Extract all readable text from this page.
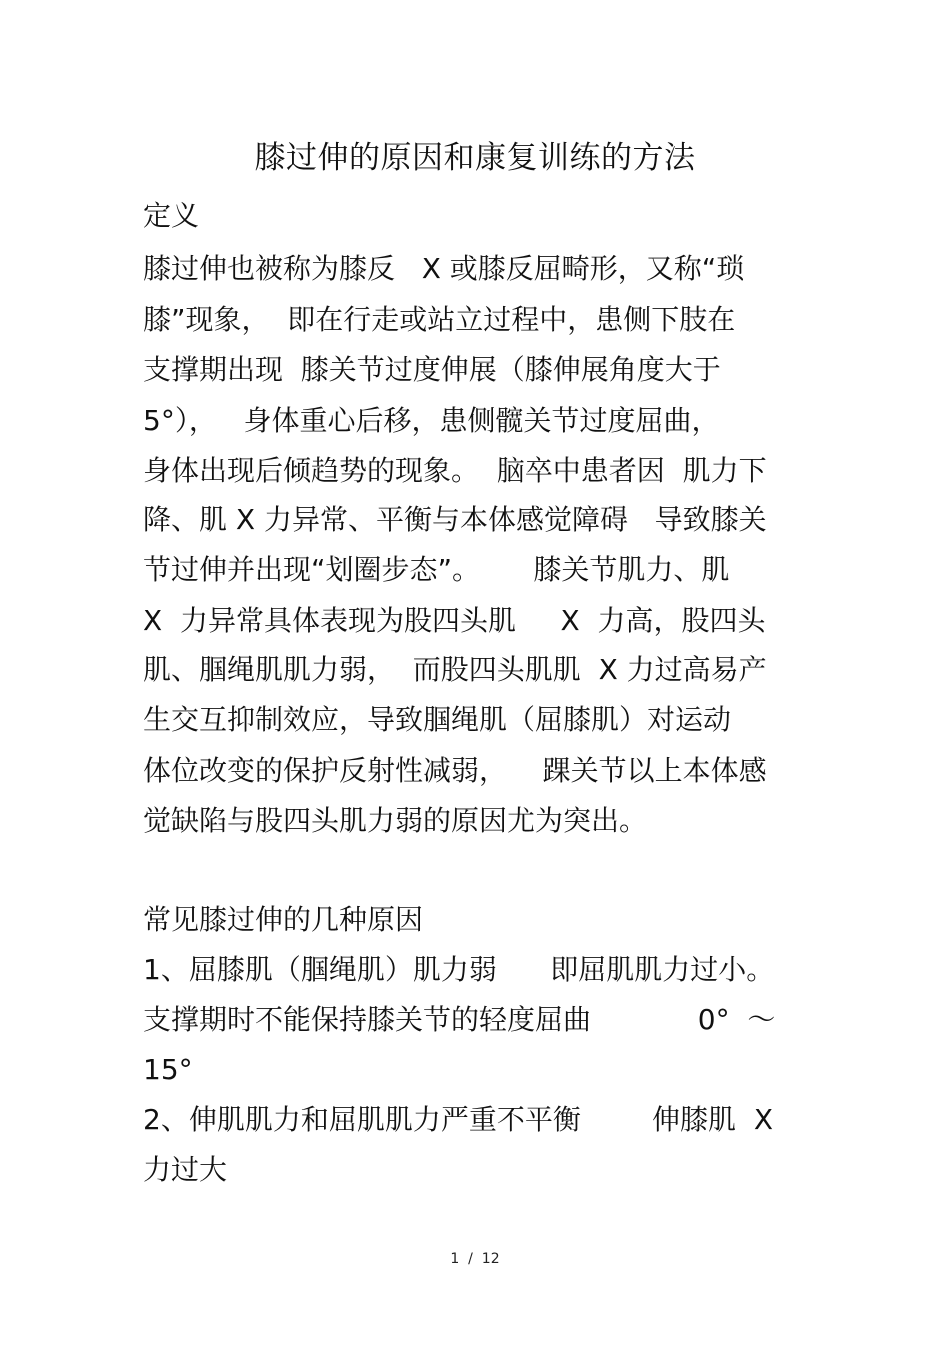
膝过伸的原因和康复训练的方法
定义
膝过伸也被称为膝反   X 或膝反屈畸形，又称“琐
膝”现象，  即在行走或站立过程中，患侧下肢在
支撑期出现  膝关节过度伸展（膝伸展角度大于
5°），   身体重心后移，患侧髋关节过度屈曲，
身体出现后倾趋势的现象。  脑卒中患者因  肌力下
降、肌 X 力异常、平衡与本体感觉障碍   导致膝关
节过伸并出现“划圈步态”。      膝关节肌力、肌
X  力异常具体表现为股四头肌     X  力高，股四头
肌、腘绳肌肌力弱，  而股四头肌肌  X 力过高易产
生交互抑制效应，导致腘绳肌（屈膝肌）对运动
体位改变的保护反射性减弱，    踝关节以上本体感
觉缺陷与股四头肌力弱的原因尤为突出。
常见膝过伸的几种原因
1、屈膝肌（腘绳肌）肌力弱      即屈肌肌力过小。
支撑期时不能保持膝关节的轻度屈曲            0°  ～
15°
2、伸肌肌力和屈肌肌力严重不平衡        伸膝肌  X
力过大
1  /  12
